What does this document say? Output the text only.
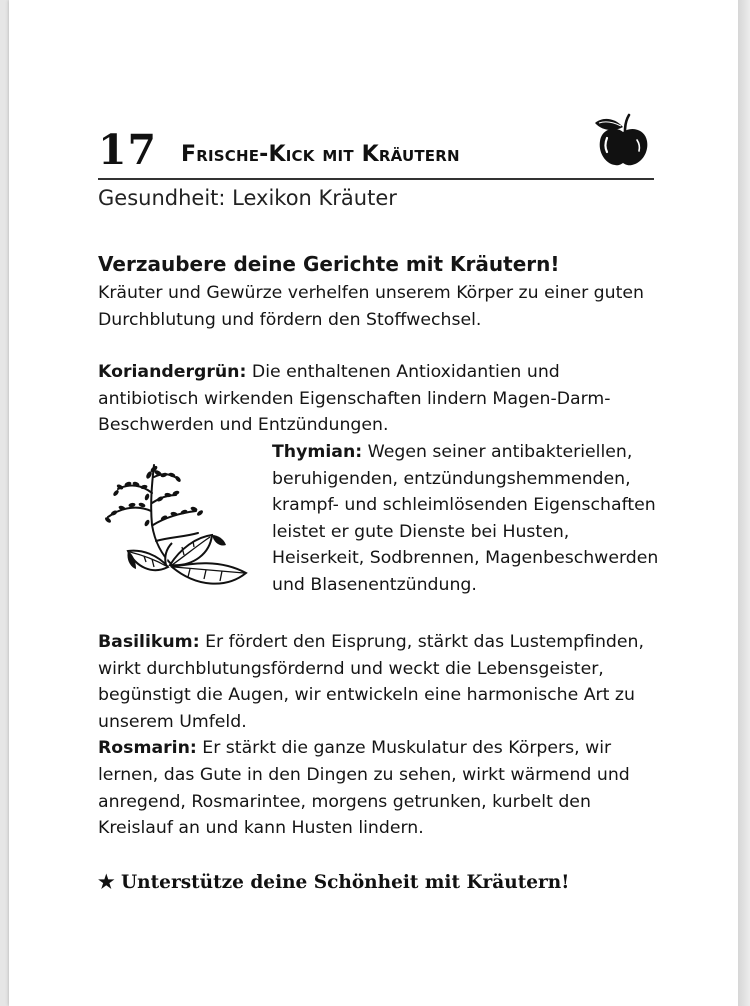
17 Frische-Kick mit Kräutern
Gesundheit: Lexikon Kräuter
Verzaubere deine Gerichte mit Kräutern!

Kräuter und Gewürze verhelfen unserem Körper zu einer guten Durchblutung und fördern den Stoffwechsel.

Koriandergrün: Die enthaltenen Antioxidantien und antibiotisch wirkenden Eigenschaften lindern Magen-Darm-Beschwerden und Entzündungen.

Thymian: Wegen seiner antibakteriellen, beruhigenden, entzündungshemmenden, krampf- und schleimlösenden Eigenschaften leistet er gute Dienste bei Husten, Heiserkeit, Sodbrennen, Magenbeschwerden und Blasenentzündung.

Basilikum: Er fördert den Eisprung, stärkt das Lustempfinden, wirkt durchblutungsfördernd und weckt die Lebensgeister, begünstigt die Augen, wir entwickeln eine harmonische Art zu unserem Umfeld.

Rosmarin: Er stärkt die ganze Muskulatur des Körpers, wir lernen, das Gute in den Dingen zu sehen, wirkt wärmend und anregend, Rosmarintee, morgens getrunken, kurbelt den Kreislauf an und kann Husten lindern.

★ Unterstütze deine Schönheit mit Kräutern!
